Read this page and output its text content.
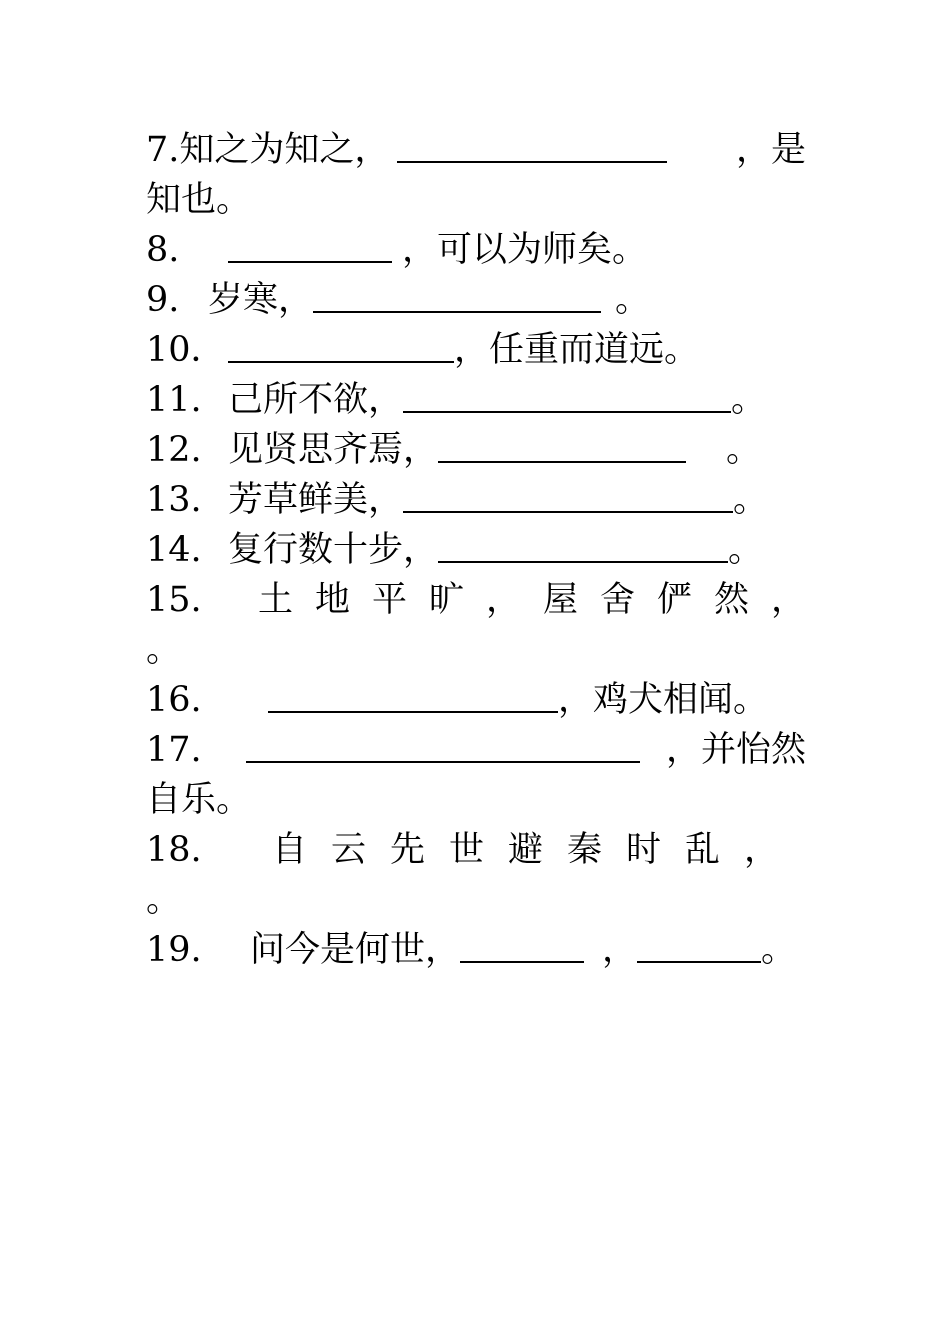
7.知之为知之，	，是
知也。
8.	，可以为师矣。
9. 岁寒，	。
10．	，任重而道远。
11. 己所不欲，	。
12. 见贤思齐焉，	。
13. 芳草鲜美，	。
14. 复行数十步，	。
15. 土地平旷，屋舍俨然，
。
16.	，鸡犬相闻。
17.	，并怡然
自乐。
18. 自云先世避秦时乱，
。
19. 问今是何世，	，	。
